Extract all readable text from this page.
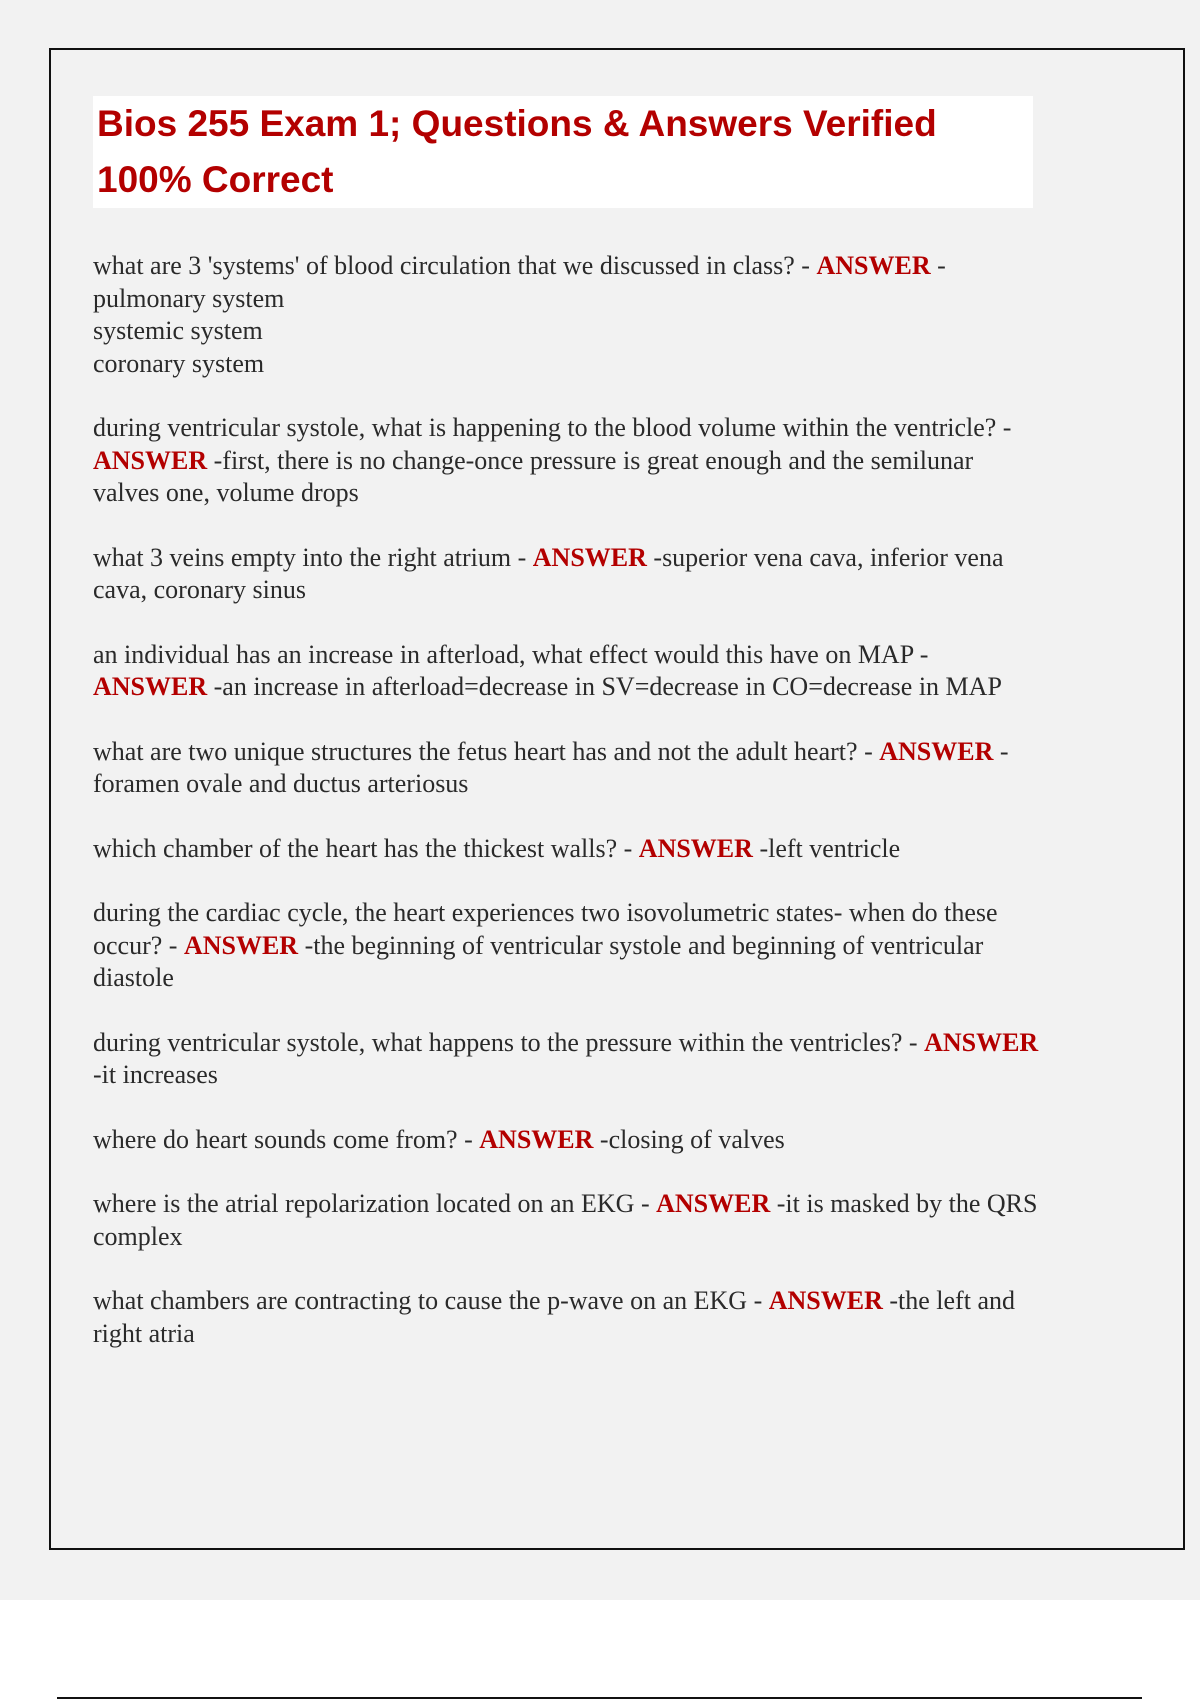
Bios 255 Exam 1; Questions & Answers Verified
100% Correct
what are 3 'systems' of blood circulation that we discussed in class? - ANSWER -
pulmonary system
systemic system
coronary system
during ventricular systole, what is happening to the blood volume within the ventricle? - ANSWER -first, there is no change-once pressure is great enough and the semilunar valves one, volume drops
what 3 veins empty into the right atrium - ANSWER -superior vena cava, inferior vena cava, coronary sinus
an individual has an increase in afterload, what effect would this have on MAP - ANSWER -an increase in afterload=decrease in SV=decrease in CO=decrease in MAP
what are two unique structures the fetus heart has and not the adult heart? - ANSWER -foramen ovale and ductus arteriosus
which chamber of the heart has the thickest walls? - ANSWER -left ventricle
during the cardiac cycle, the heart experiences two isovolumetric states- when do these occur? - ANSWER -the beginning of ventricular systole and beginning of ventricular diastole
during ventricular systole, what happens to the pressure within the ventricles? - ANSWER -it increases
where do heart sounds come from? - ANSWER -closing of valves
where is the atrial repolarization located on an EKG - ANSWER -it is masked by the QRS complex
what chambers are contracting to cause the p-wave on an EKG - ANSWER -the left and right atria
